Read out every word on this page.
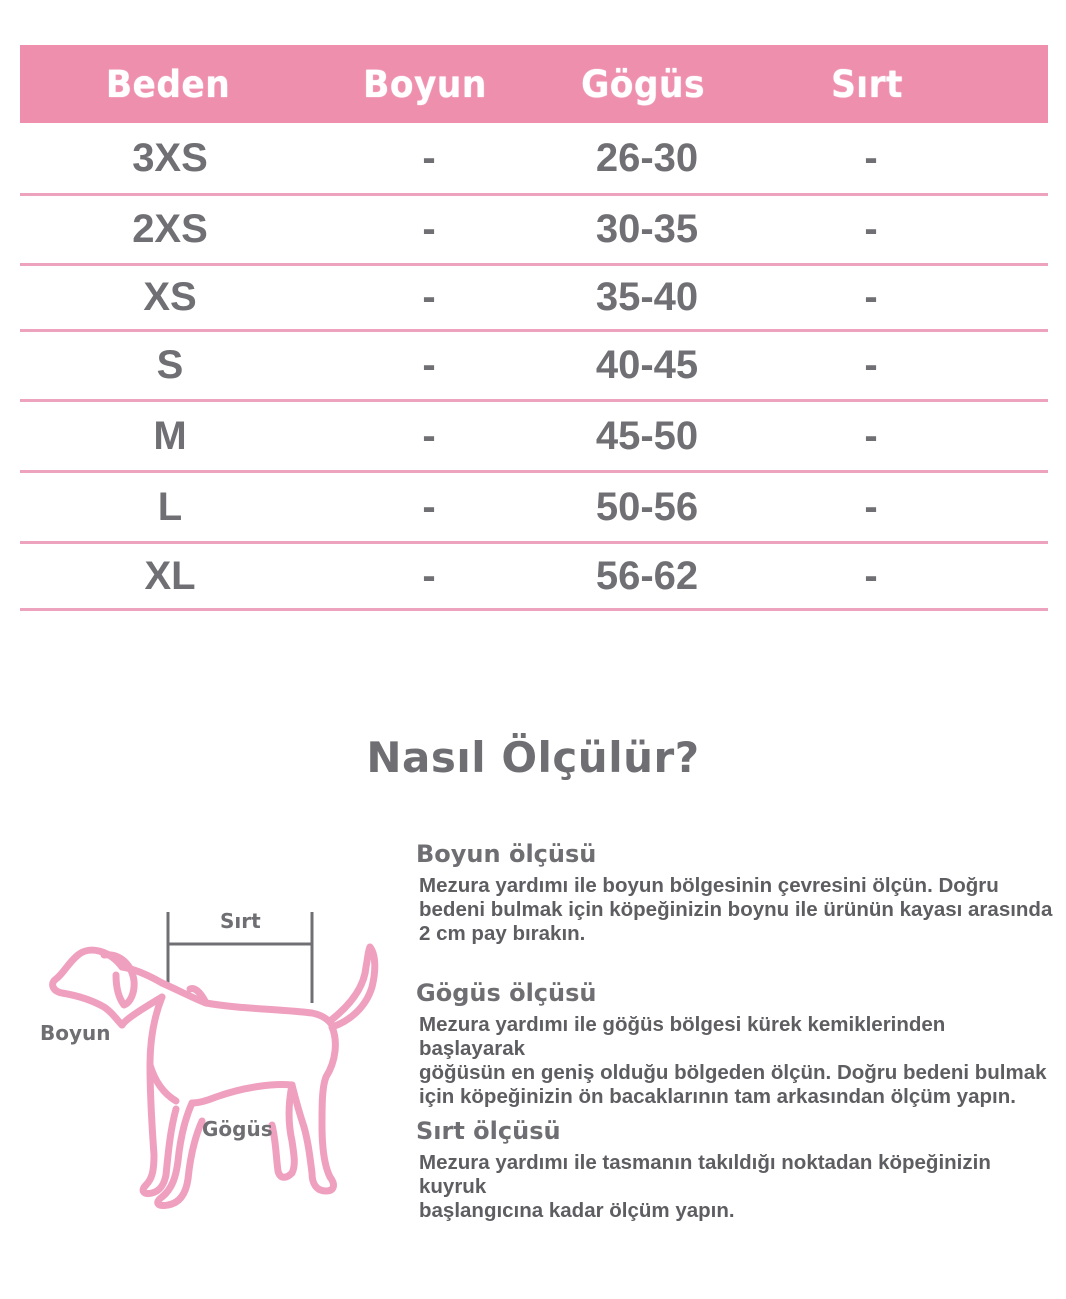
Beden	Boyun	Gögüs	Sırt
3XS	-	26-30	-
2XS	-	30-35	-
XS	-	35-40	-
S	-	40-45	-
M	-	45-50	-
L	-	50-56	-
XL	-	56-62	-
Nasıl Ölçülür?

Boyun ölçüsü

Mezura yardımı ile boyun bölgesinin çevresini ölçün. Doğru
bedeni bulmak için köpeğinizin boynu ile ürünün kayası arasında
2 cm pay bırakın.

Gögüs ölçüsü

Mezura yardımı ile göğüs bölgesi kürek kemiklerinden başlayarak
göğüsün en geniş olduğu bölgeden ölçün. Doğru bedeni bulmak
için köpeğinizin ön bacaklarının tam arkasından ölçüm yapın.

Sırt ölçüsü

Mezura yardımı ile tasmanın takıldığı noktadan köpeğinizin kuyruk
başlangıcına kadar ölçüm yapın.

Sırt
Boyun
Gögüs
